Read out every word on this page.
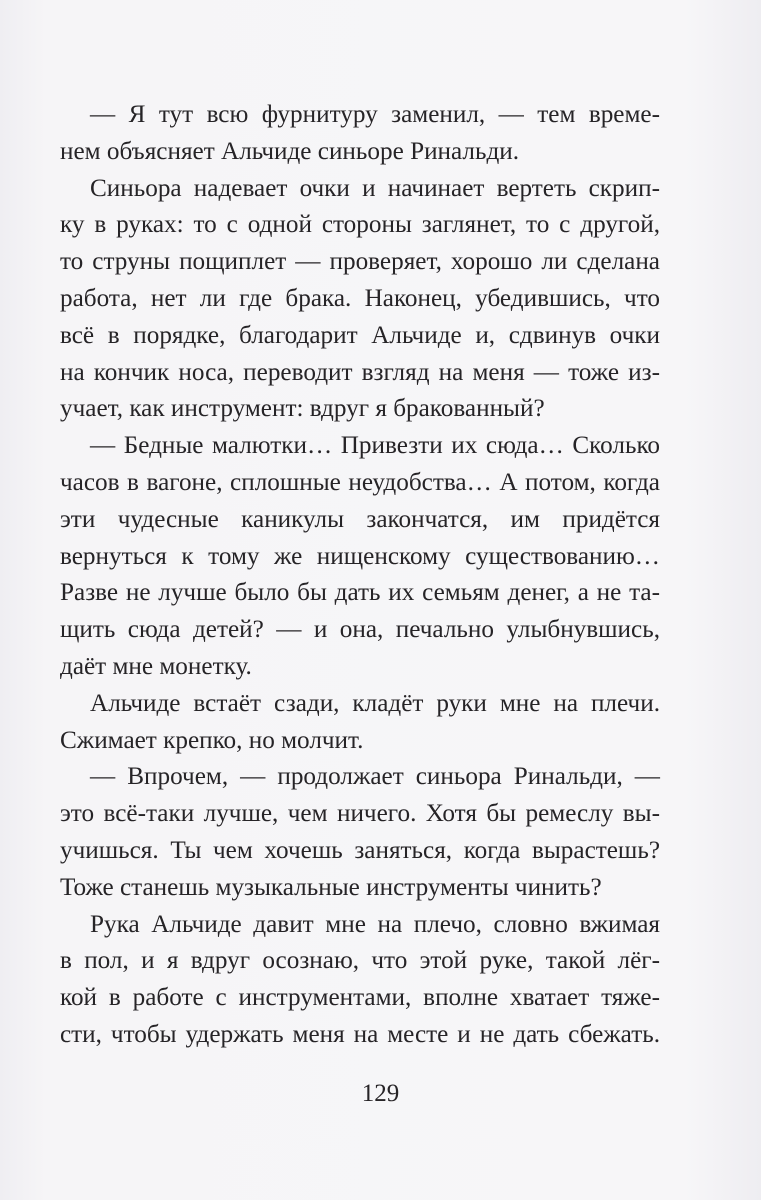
— Я тут всю фурнитуру заменил, — тем време-
нем объясняет Альчиде синьоре Ринальди.
Синьора надевает очки и начинает вертеть скрип-
ку в руках: то с одной стороны заглянет, то с другой,
то струны пощиплет — проверяет, хорошо ли сделана
работа, нет ли где брака. Наконец, убедившись, что
всё в порядке, благодарит Альчиде и, сдвинув очки
на кончик носа, переводит взгляд на меня — тоже из-
учает, как инструмент: вдруг я бракованный?
— Бедные малютки… Привезти их сюда… Сколько
часов в вагоне, сплошные неудобства… А потом, когда
эти чудесные каникулы закончатся, им придётся
вернуться к тому же нищенскому существованию…
Разве не лучше было бы дать их семьям денег, а не та-
щить сюда детей? — и она, печально улыбнувшись,
даёт мне монетку.
Альчиде встаёт сзади, кладёт руки мне на плечи.
Сжимает крепко, но молчит.
— Впрочем, — продолжает синьора Ринальди, —
это всё-таки лучше, чем ничего. Хотя бы ремеслу вы-
учишься. Ты чем хочешь заняться, когда вырастешь?
Тоже станешь музыкальные инструменты чинить?
Рука Альчиде давит мне на плечо, словно вжимая
в пол, и я вдруг осознаю, что этой руке, такой лёг-
кой в работе с инструментами, вполне хватает тяже-
сти, чтобы удержать меня на месте и не дать сбежать.
129
